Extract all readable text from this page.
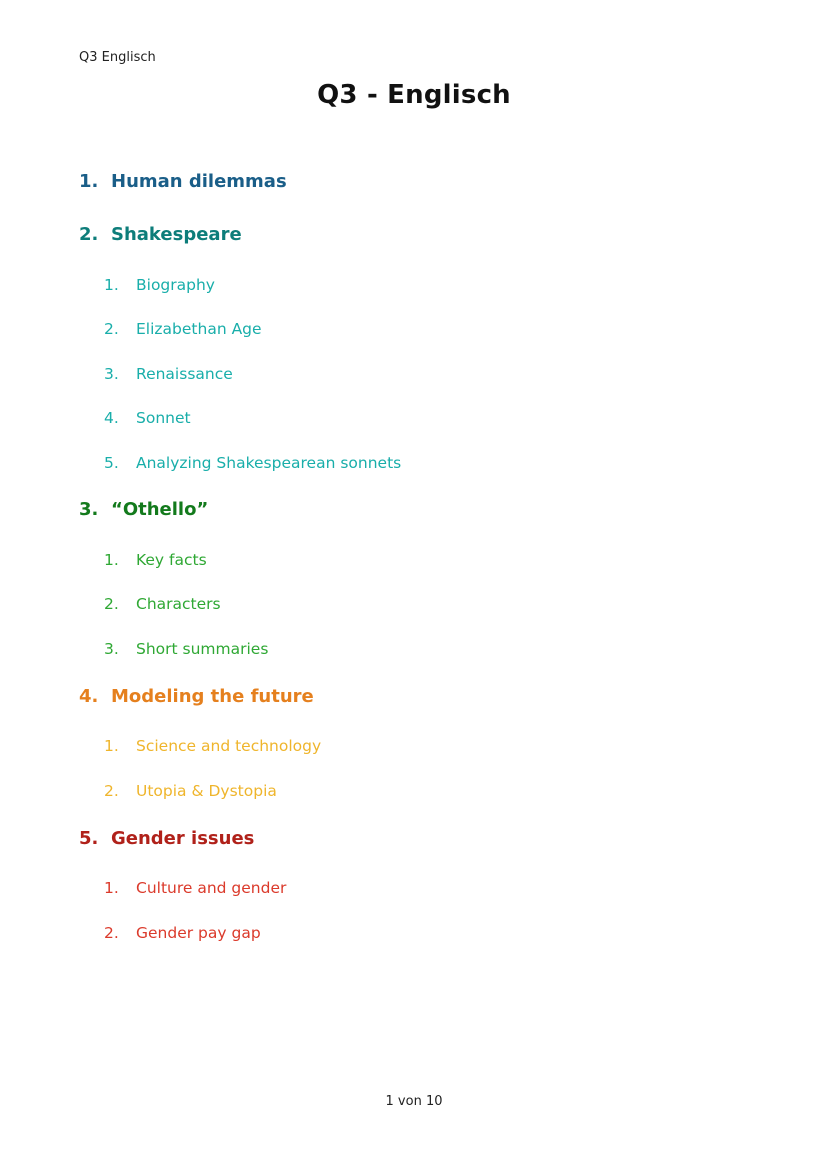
Q3 Englisch
Q3 - Englisch
1. Human dilemmas
2. Shakespeare
1.	Biography
2.	Elizabethan Age
3.	Renaissance
4.	Sonnet
5.	Analyzing Shakespearean sonnets
3. “Othello”
1.	Key facts
2.	Characters
3.	Short summaries
4. Modeling the future
1.	Science and technology
2.	Utopia & Dystopia
5. Gender issues
1.	Culture and gender
2.	Gender pay gap
1 von 10
